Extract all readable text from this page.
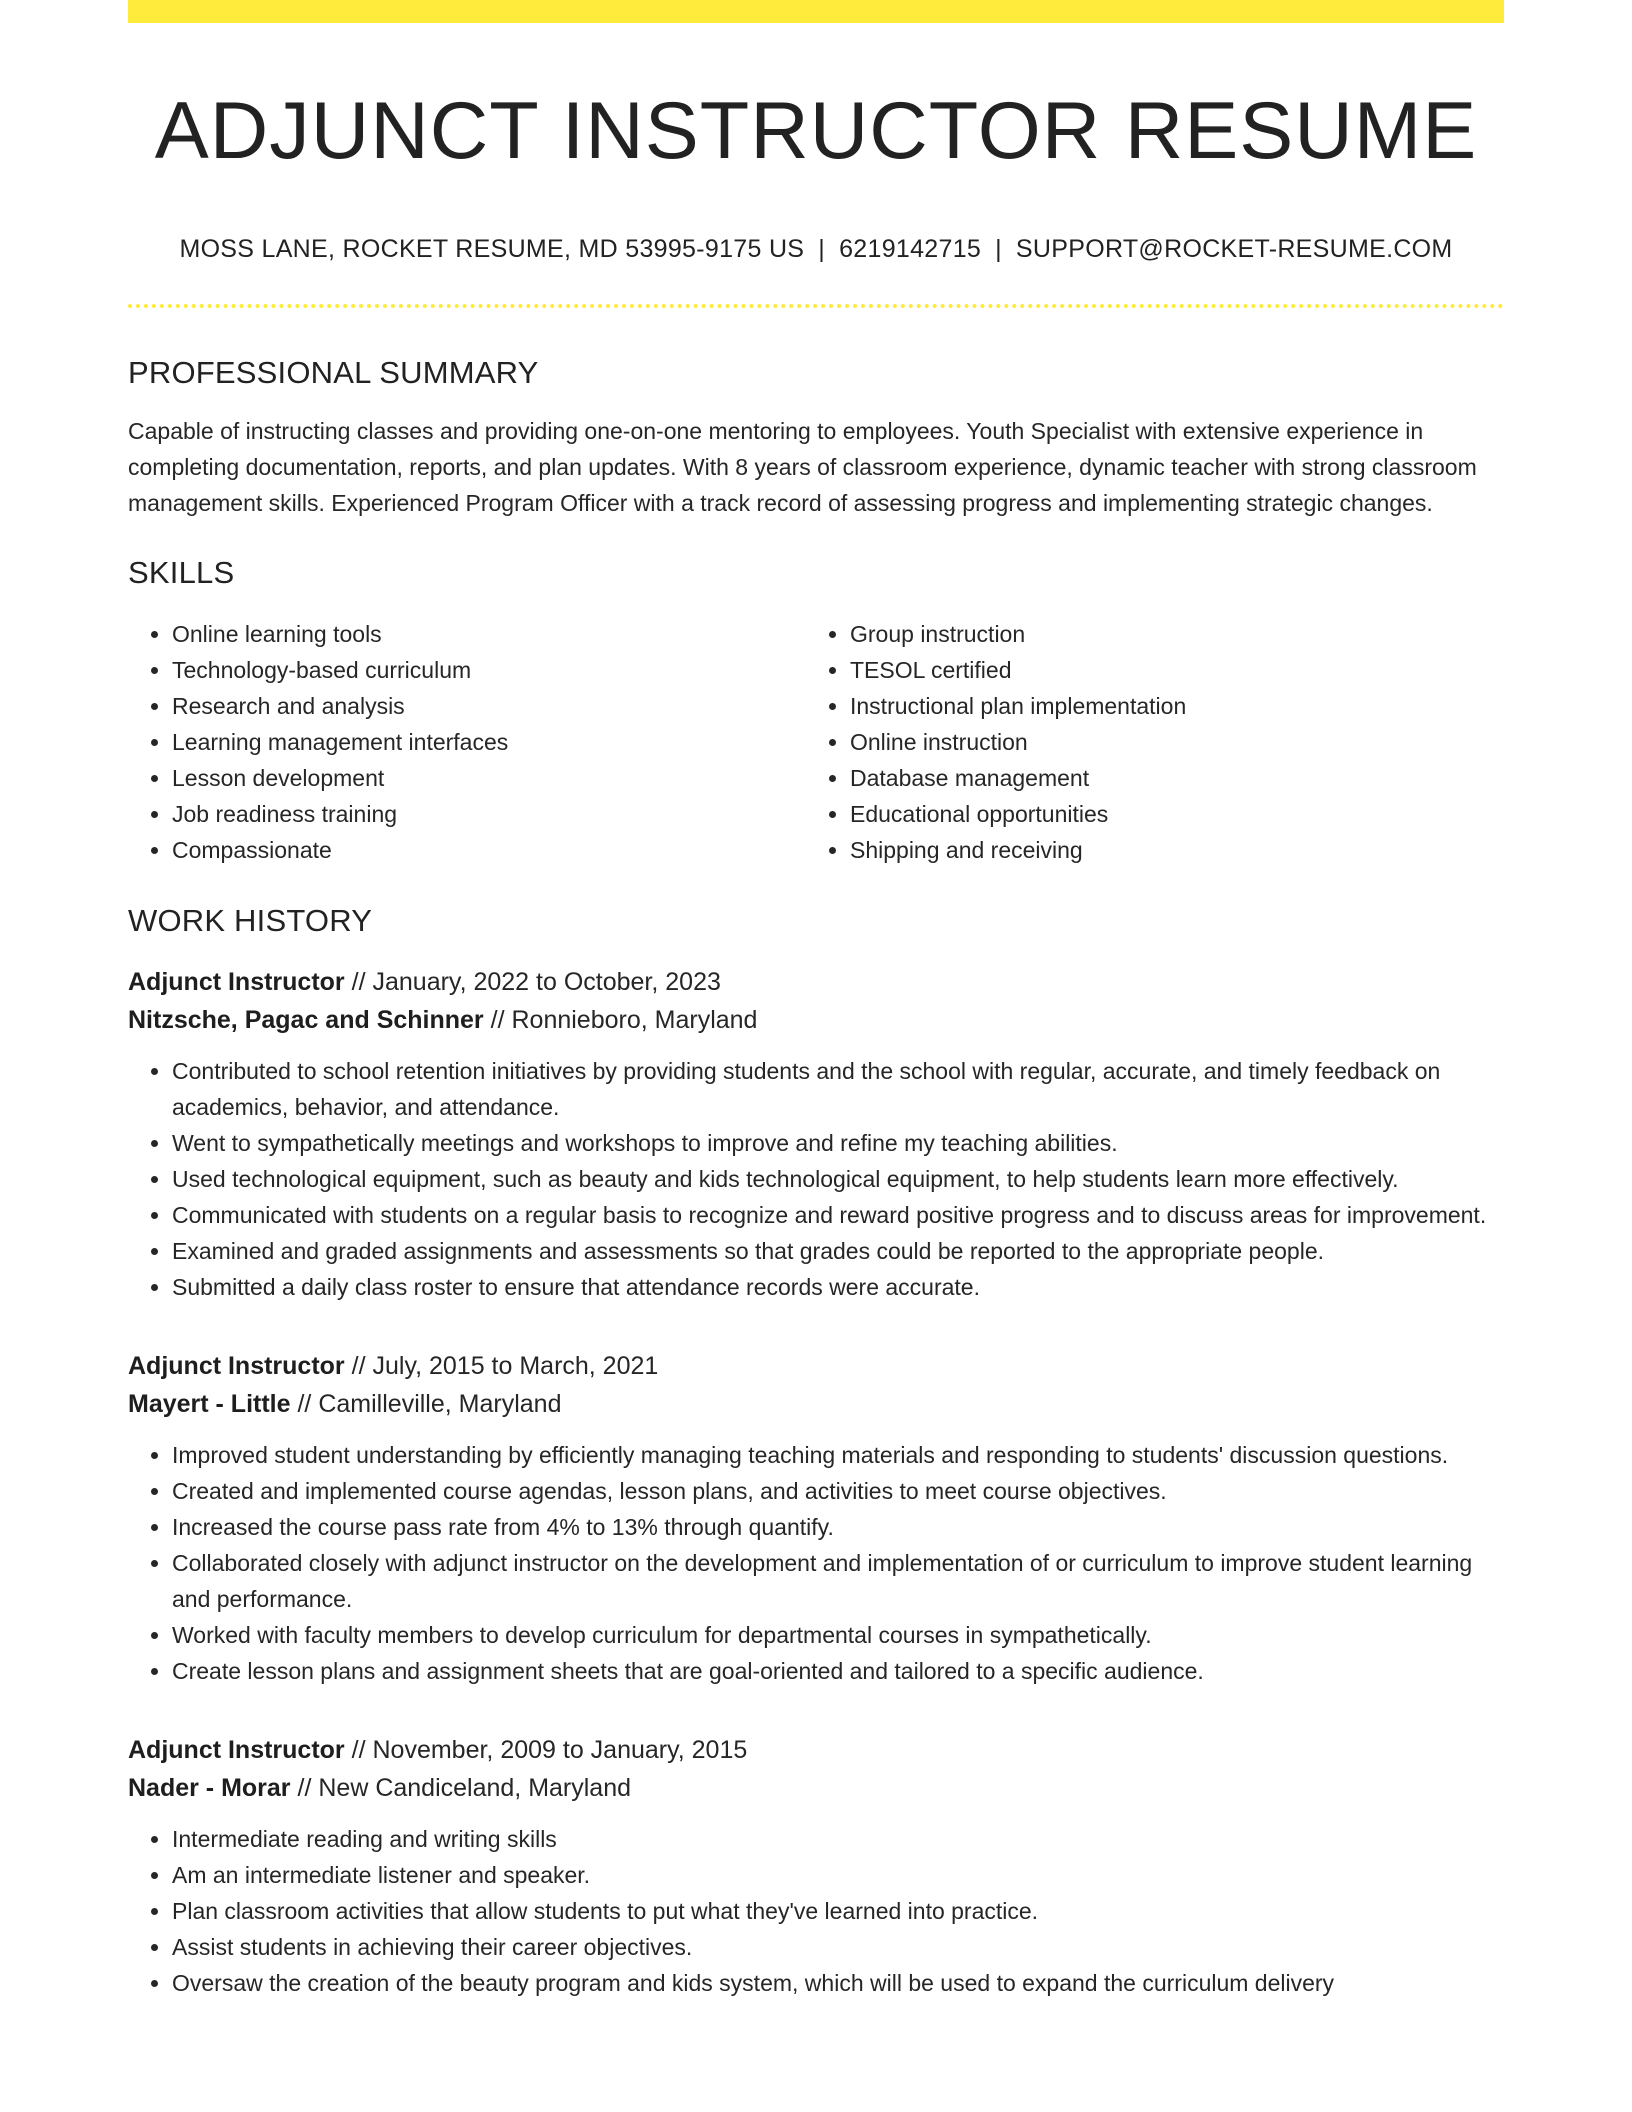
ADJUNCT INSTRUCTOR RESUME
MOSS LANE, ROCKET RESUME, MD 53995-9175 US | 6219142715 | SUPPORT@ROCKET-RESUME.COM
PROFESSIONAL SUMMARY

Capable of instructing classes and providing one-on-one mentoring to employees. Youth Specialist with extensive experience in completing documentation, reports, and plan updates. With 8 years of classroom experience, dynamic teacher with strong classroom management skills. Experienced Program Officer with a track record of assessing progress and implementing strategic changes.

SKILLS
• Online learning tools
• Technology-based curriculum
• Research and analysis
• Learning management interfaces
• Lesson development
• Job readiness training
• Compassionate
• Group instruction
• TESOL certified
• Instructional plan implementation
• Online instruction
• Database management
• Educational opportunities
• Shipping and receiving
WORK HISTORY
Adjunct Instructor // January, 2022 to October, 2023
Nitzsche, Pagac and Schinner // Ronnieboro, Maryland
• Contributed to school retention initiatives by providing students and the school with regular, accurate, and timely feedback on academics, behavior, and attendance.
• Went to sympathetically meetings and workshops to improve and refine my teaching abilities.
• Used technological equipment, such as beauty and kids technological equipment, to help students learn more effectively.
• Communicated with students on a regular basis to recognize and reward positive progress and to discuss areas for improvement.
• Examined and graded assignments and assessments so that grades could be reported to the appropriate people.
• Submitted a daily class roster to ensure that attendance records were accurate.
Adjunct Instructor // July, 2015 to March, 2021
Mayert - Little // Camilleville, Maryland
• Improved student understanding by efficiently managing teaching materials and responding to students' discussion questions.
• Created and implemented course agendas, lesson plans, and activities to meet course objectives.
• Increased the course pass rate from 4% to 13% through quantify.
• Collaborated closely with adjunct instructor on the development and implementation of or curriculum to improve student learning and performance.
• Worked with faculty members to develop curriculum for departmental courses in sympathetically.
• Create lesson plans and assignment sheets that are goal-oriented and tailored to a specific audience.
Adjunct Instructor // November, 2009 to January, 2015
Nader - Morar // New Candiceland, Maryland
• Intermediate reading and writing skills
• Am an intermediate listener and speaker.
• Plan classroom activities that allow students to put what they've learned into practice.
• Assist students in achieving their career objectives.
• Oversaw the creation of the beauty program and kids system, which will be used to expand the curriculum delivery
